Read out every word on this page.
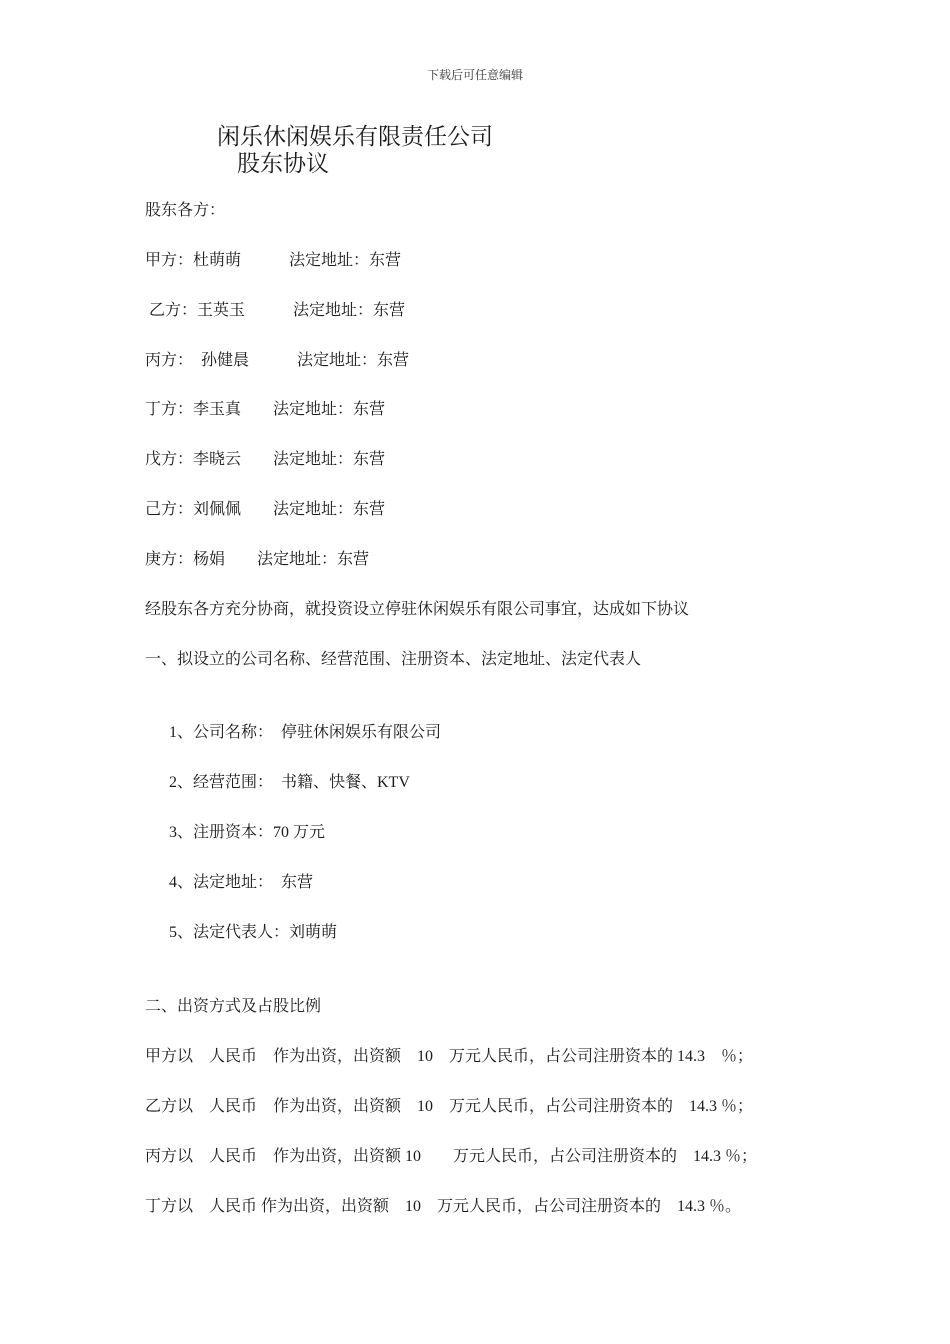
下载后可任意编辑
闲乐休闲娱乐有限责任公司
股东协议
股东各方：
甲方：杜萌萌　　　法定地址：东营
乙方：王英玉　　　法定地址：东营
丙方：  孙健晨　　　法定地址：东营
丁方：李玉真　　法定地址：东营
戊方：李晓云　　法定地址：东营
己方：刘佩佩　　法定地址：东营
庚方：杨娟　　法定地址：东营
经股东各方充分协商，就投资设立停驻休闲娱乐有限公司事宜，达成如下协议
一、拟设立的公司名称、经营范围、注册资本、法定地址、法定代表人
1、公司名称：　停驻休闲娱乐有限公司
2、经营范围：　书籍、快餐、KTV
3、注册资本：70 万元
4、法定地址：　东营
5、法定代表人：刘萌萌
二、出资方式及占股比例
甲方以　人民币　作为出资，出资额　10　万元人民币，占公司注册资本的 14.3　％；
乙方以　人民币　作为出资，出资额　10　万元人民币，占公司注册资本的　14.3 ％；
丙方以　人民币　作为出资，出资额 10　　万元人民币，占公司注册资本的　14.3 ％；
丁方以　人民币 作为出资，出资额　10　万元人民币，占公司注册资本的　14.3 ％。
